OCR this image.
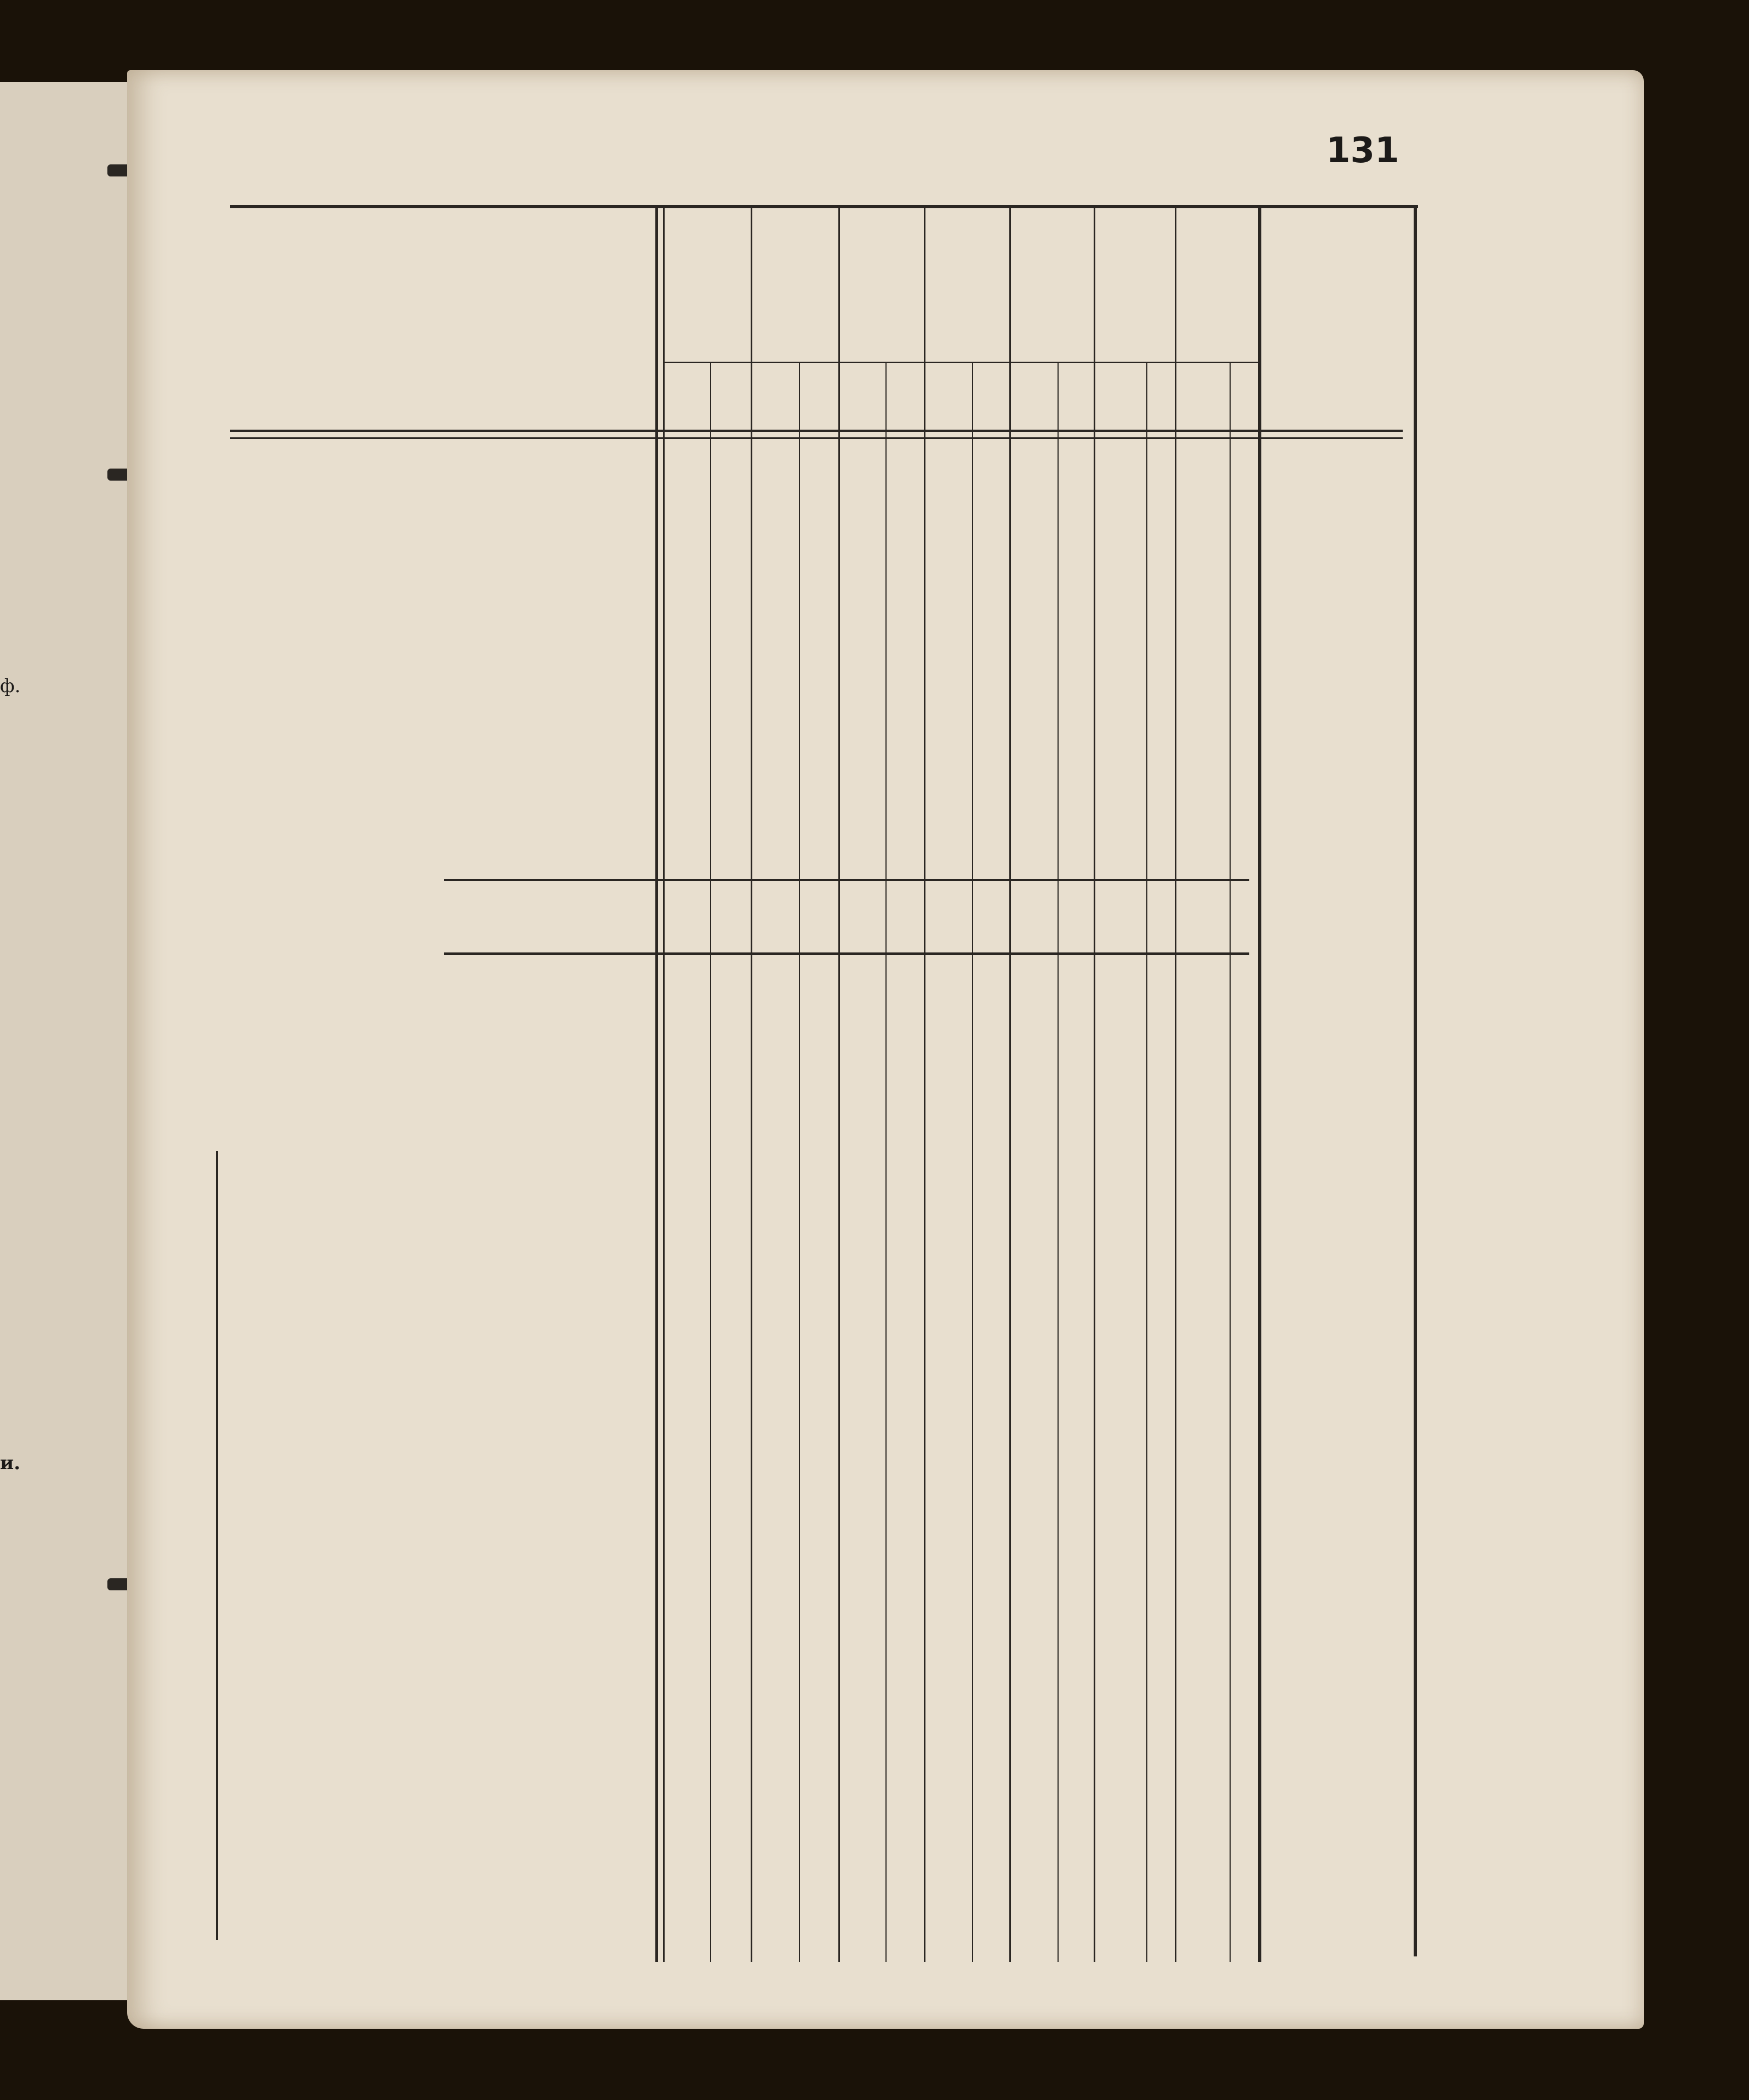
ф.
и.
131
